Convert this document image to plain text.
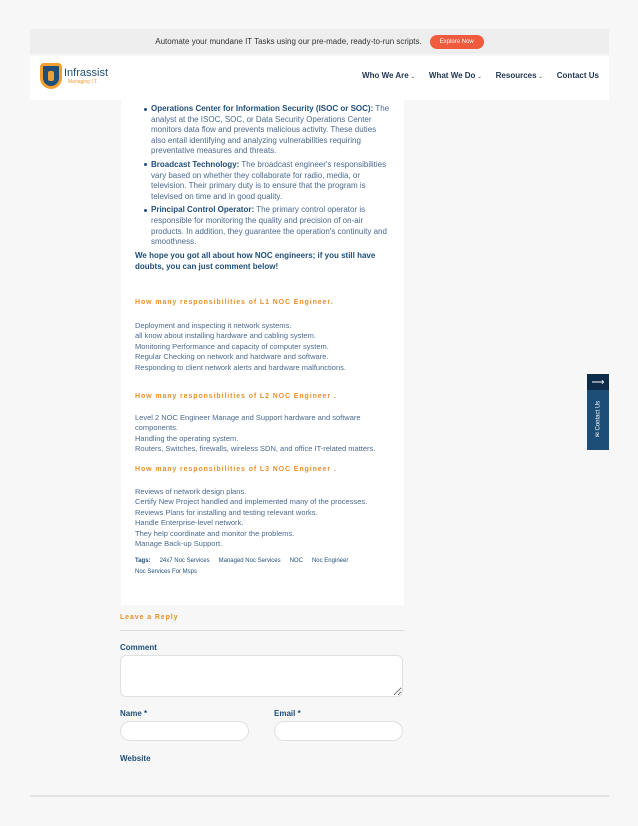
Automate your mundane IT Tasks using our pre-made, ready-to-run scripts.	Explore Now
Infrassist
Managing I.T.
Who We Are ⌄ What We Do ⌄ Resources ⌄ Contact Us
Operations Center for Information Security (ISOC or SOC): The analyst at the ISOC, SOC, or Data Security Operations Center monitors data flow and prevents malicious activity. These duties also entail identifying and analyzing vulnerabilities requiring preventative measures and threats.
Broadcast Technology: The broadcast engineer's responsibilities vary based on whether they collaborate for radio, media, or television. Their primary duty is to ensure that the program is televised on time and in good quality.
Principal Control Operator: The primary control operator is responsible for monitoring the quality and precision of on-air products. In addition, they guarantee the operation's continuity and smoothness.

We hope you got all about how NOC engineers; if you still have doubts, you can just comment below!

How many responsibilities of L1 NOC Engineer.
Deployment and inspecting it network systems.
all know about installing hardware and cabling system.
Monitoring Performance and capacity of computer system.
Regular Checking on network and hardware and software.
Responding to client network alerts and hardware malfunctions.
How many responsibilities of L2 NOC Engineer .
Level 2 NOC Engineer Manage and Support hardware and software components.
Handling the operating system.
Routers, Switches, firewalls, wireless SDN, and office IT-related matters.
How many responsibilities of L3 NOC Engineer .
Reviews of network design plans.
Certify New Project handled and implemented many of the processes.
Reviews Plans for installing and testing relevant works.
Handle Enterprise-level network.
They help coordinate and monitor the problems.
Manage Back-up Support.
Tags: 24x7 Noc Services Managed Noc Services NOC Noc Engineer
Noc Services For Msps
Leave a Reply
Comment
Name *	Email *
Website
⟶
✉ Contact Us
